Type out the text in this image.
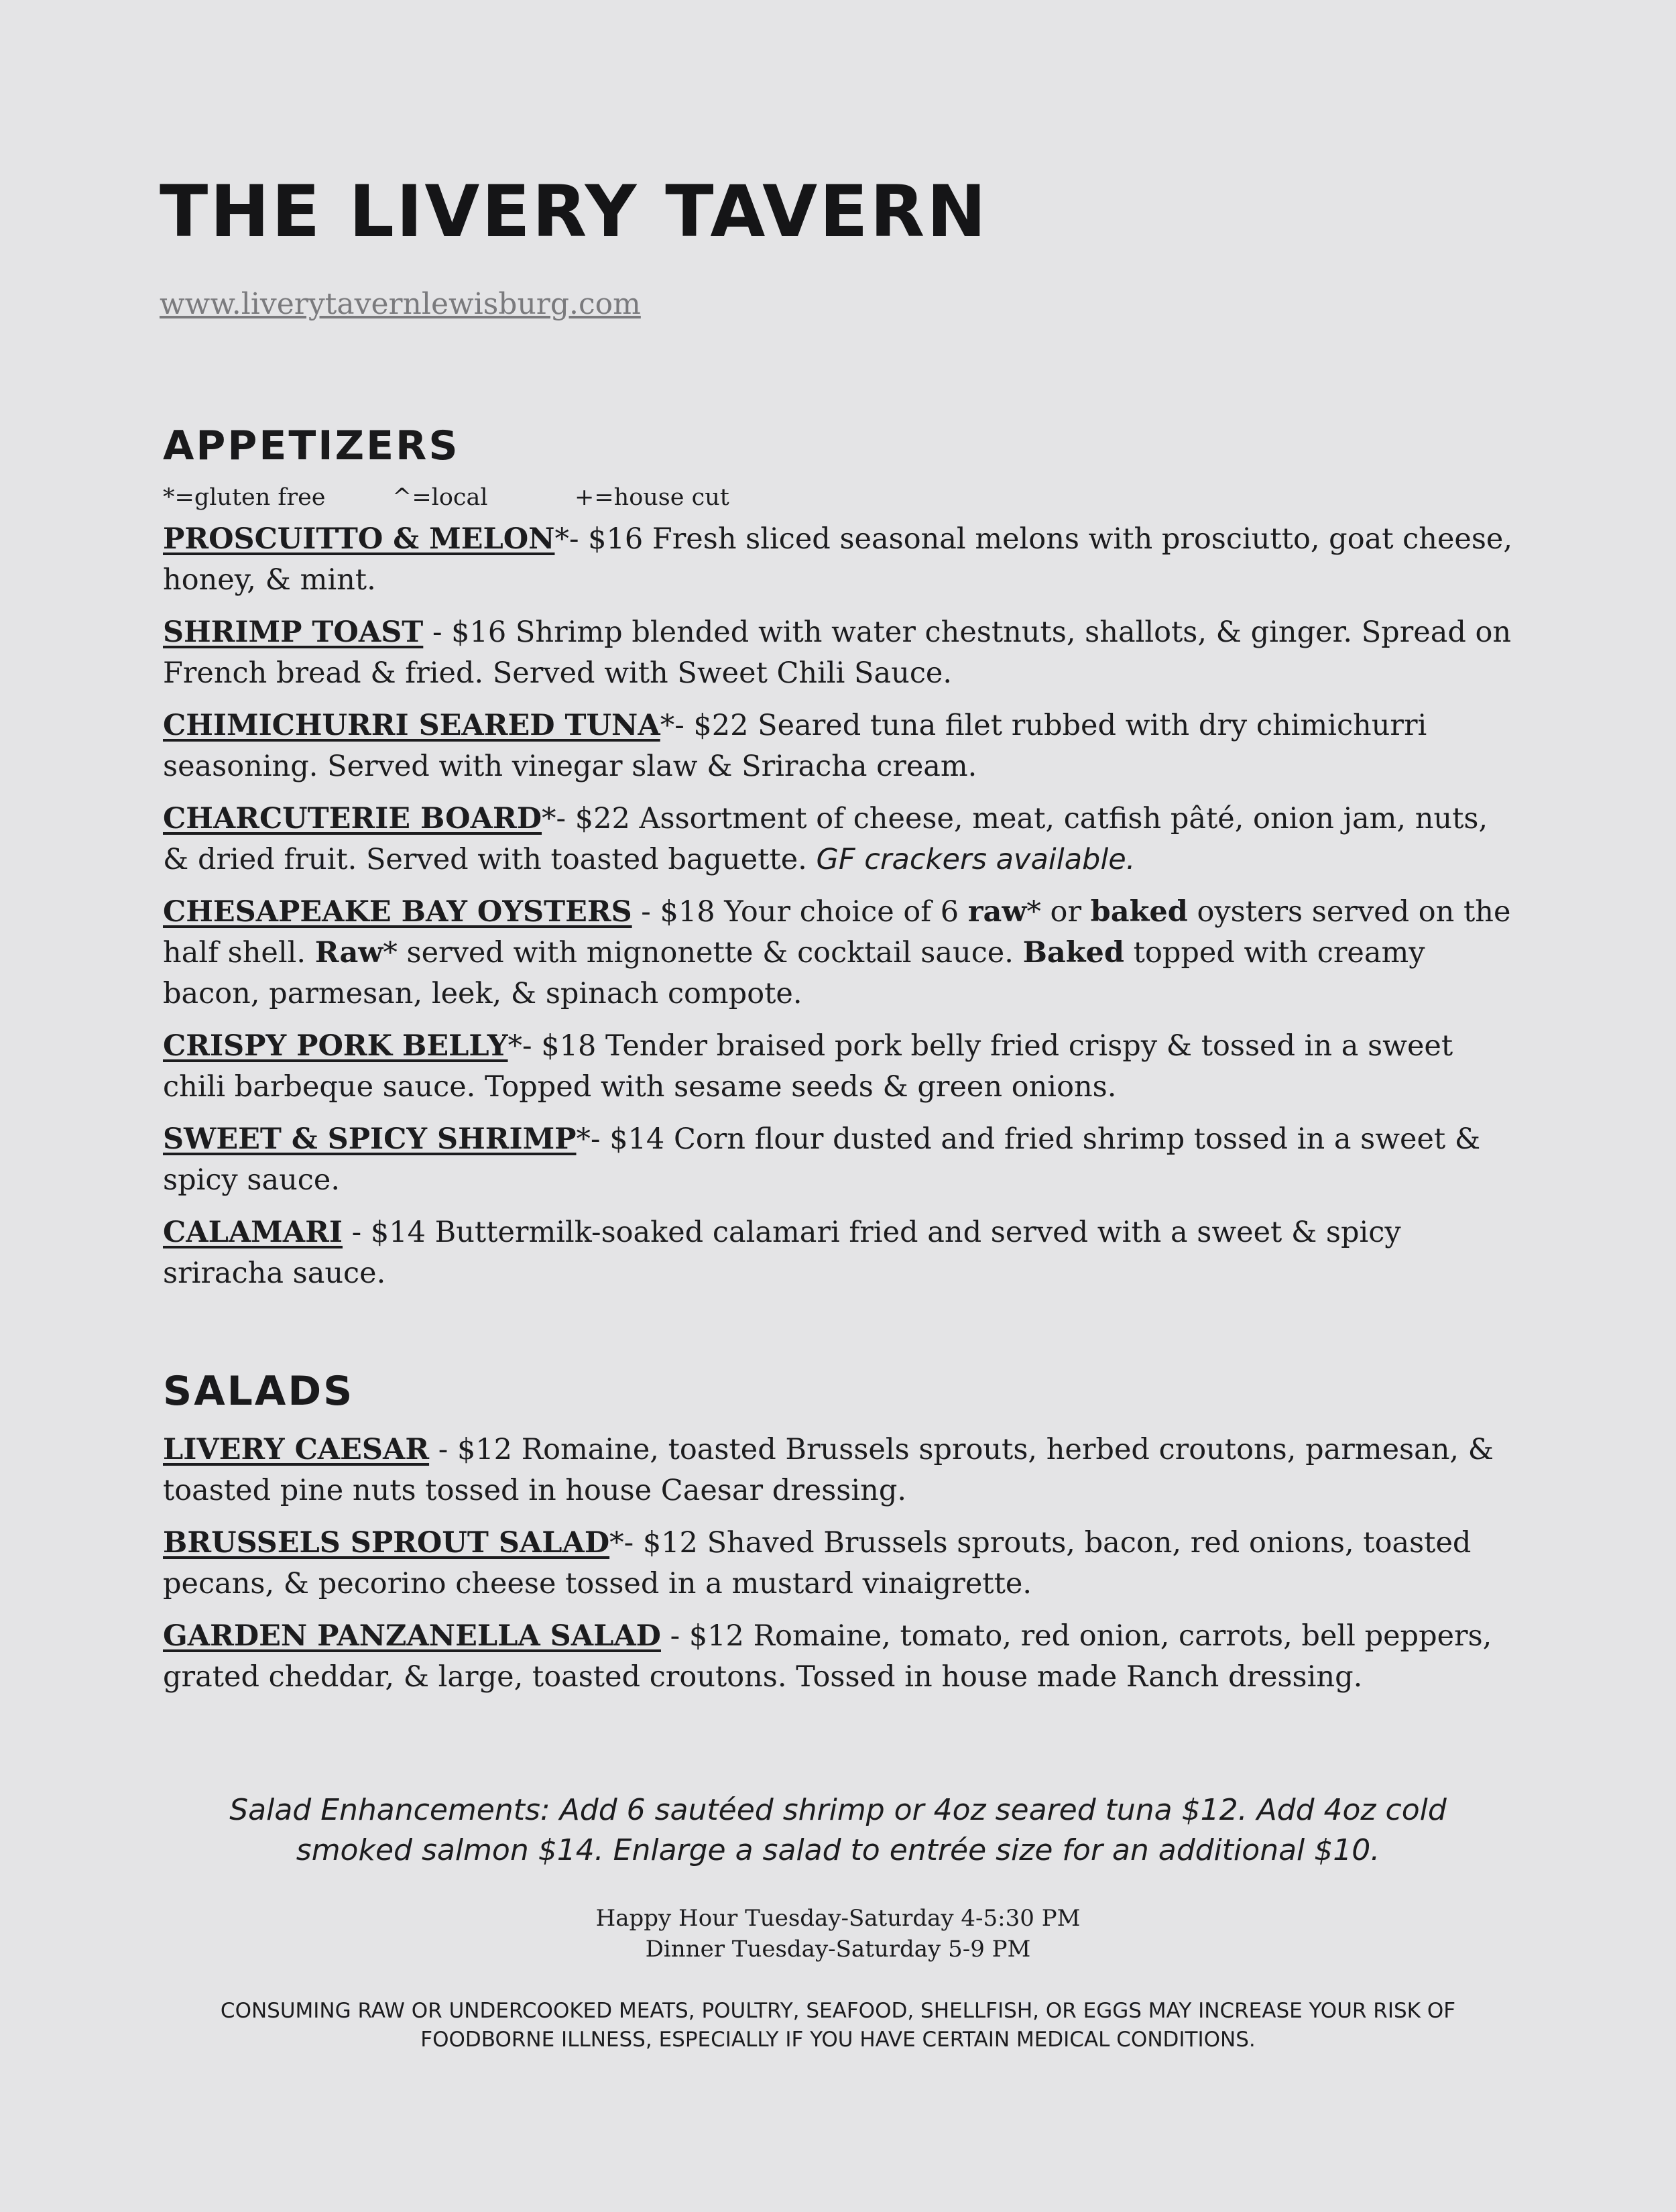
THE LIVERY TAVERN
www.liverytavernlewisburg.com
APPETIZERS
*=gluten free	^=local	+=house cut

PROSCUITTO & MELON*- $16 Fresh sliced seasonal melons with prosciutto, goat cheese, honey, & mint.

SHRIMP TOAST - $16 Shrimp blended with water chestnuts, shallots, & ginger. Spread on French bread & fried. Served with Sweet Chili Sauce.

CHIMICHURRI SEARED TUNA*- $22 Seared tuna filet rubbed with dry chimichurri seasoning. Served with vinegar slaw & Sriracha cream.

CHARCUTERIE BOARD*- $22 Assortment of cheese, meat, catfish pâté, onion jam, nuts, & dried fruit. Served with toasted baguette. GF crackers available.

CHESAPEAKE BAY OYSTERS - $18 Your choice of 6 raw* or baked oysters served on the half shell. Raw* served with mignonette & cocktail sauce. Baked topped with creamy bacon, parmesan, leek, & spinach compote.

CRISPY PORK BELLY*- $18 Tender braised pork belly fried crispy & tossed in a sweet chili barbeque sauce. Topped with sesame seeds & green onions.

SWEET & SPICY SHRIMP*- $14 Corn flour dusted and fried shrimp tossed in a sweet & spicy sauce.

CALAMARI - $14 Buttermilk-soaked calamari fried and served with a sweet & spicy sriracha sauce.

SALADS

LIVERY CAESAR - $12 Romaine, toasted Brussels sprouts, herbed croutons, parmesan, & toasted pine nuts tossed in house Caesar dressing.

BRUSSELS SPROUT SALAD*- $12 Shaved Brussels sprouts, bacon, red onions, toasted pecans, & pecorino cheese tossed in a mustard vinaigrette.

GARDEN PANZANELLA SALAD - $12 Romaine, tomato, red onion, carrots, bell peppers, grated cheddar, & large, toasted croutons. Tossed in house made Ranch dressing.

Salad Enhancements: Add 6 sautéed shrimp or 4oz seared tuna $12. Add 4oz cold smoked salmon $14. Enlarge a salad to entrée size for an additional $10.

Happy Hour Tuesday-Saturday 4-5:30 PM
Dinner Tuesday-Saturday 5-9 PM
CONSUMING RAW OR UNDERCOOKED MEATS, POULTRY, SEAFOOD, SHELLFISH, OR EGGS MAY INCREASE YOUR RISK OF FOODBORNE ILLNESS, ESPECIALLY IF YOU HAVE CERTAIN MEDICAL CONDITIONS.
